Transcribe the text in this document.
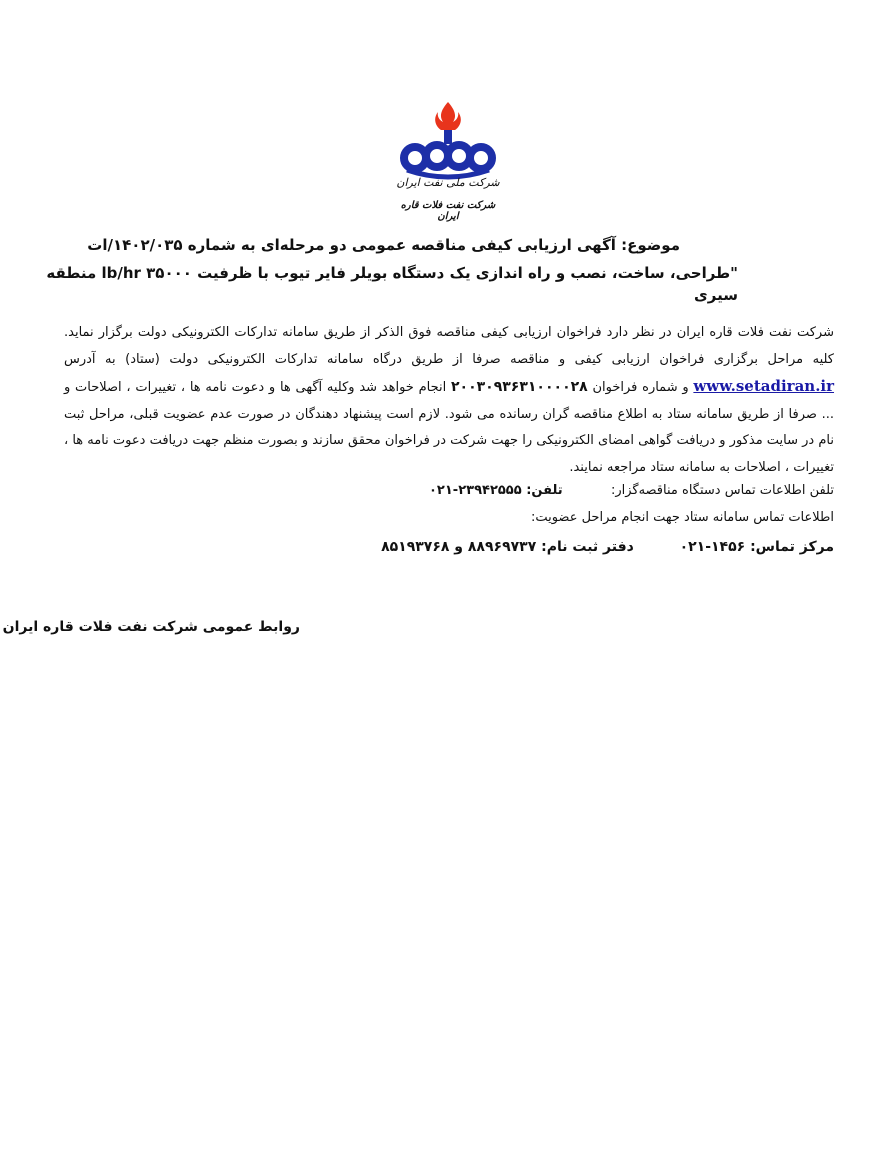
شرکت ملی نفت ایران
شرکت نفت فلات قاره ایران
موضوع: آگهی ارزیابی کیفی مناقصه عمومی دو مرحله‌ای به شماره ۱۴۰۲/۰۳۵/ات
"طراحی، ساخت، نصب و راه اندازی یک دستگاه بویلر فایر تیوب با ظرفیت lb/hr ۳۵۰۰۰ منطقه سیری
شرکت نفت فلات قاره ایران در نظر دارد فراخوان ارزیابی کیفی مناقصه فوق الذکر از طریق سامانه تدارکات الکترونیکی دولت برگزار نماید. کلیه مراحل برگزاری فراخوان ارزیابی کیفی و مناقصه صرفا از طریق درگاه سامانه تدارکات الکترونیکی دولت (ستاد) به آدرس www.setadiran.ir و شماره فراخوان ۲۰۰۳۰۹۳۶۳۱۰۰۰۰۲۸ انجام خواهد شد وکلیه آگهی ها و دعوت نامه ها ، تغییرات ، اصلاحات و ... صرفا از طریق سامانه ستاد به اطلاع مناقصه گران رسانده می شود. لازم است پیشنهاد دهندگان در صورت عدم عضویت قبلی، مراحل ثبت نام در سایت مذکور و دریافت گواهی امضای الکترونیکی را جهت شرکت در فراخوان محقق سازند و بصورت منظم جهت دریافت دعوت نامه ها ، تغییرات ، اصلاحات به سامانه ستاد مراجعه نمایند.
تلفن اطلاعات تماس دستگاه مناقصه‌گزار:  تلفن: ۲۳۹۴۲۵۵۵-۰۲۱
اطلاعات تماس سامانه ستاد جهت انجام مراحل عضویت:
مرکز تماس: ۱۴۵۶-۰۲۱  دفتر ثبت نام: ۸۸۹۶۹۷۳۷ و ۸۵۱۹۳۷۶۸
روابط عمومی شرکت نفت فلات قاره ایران
